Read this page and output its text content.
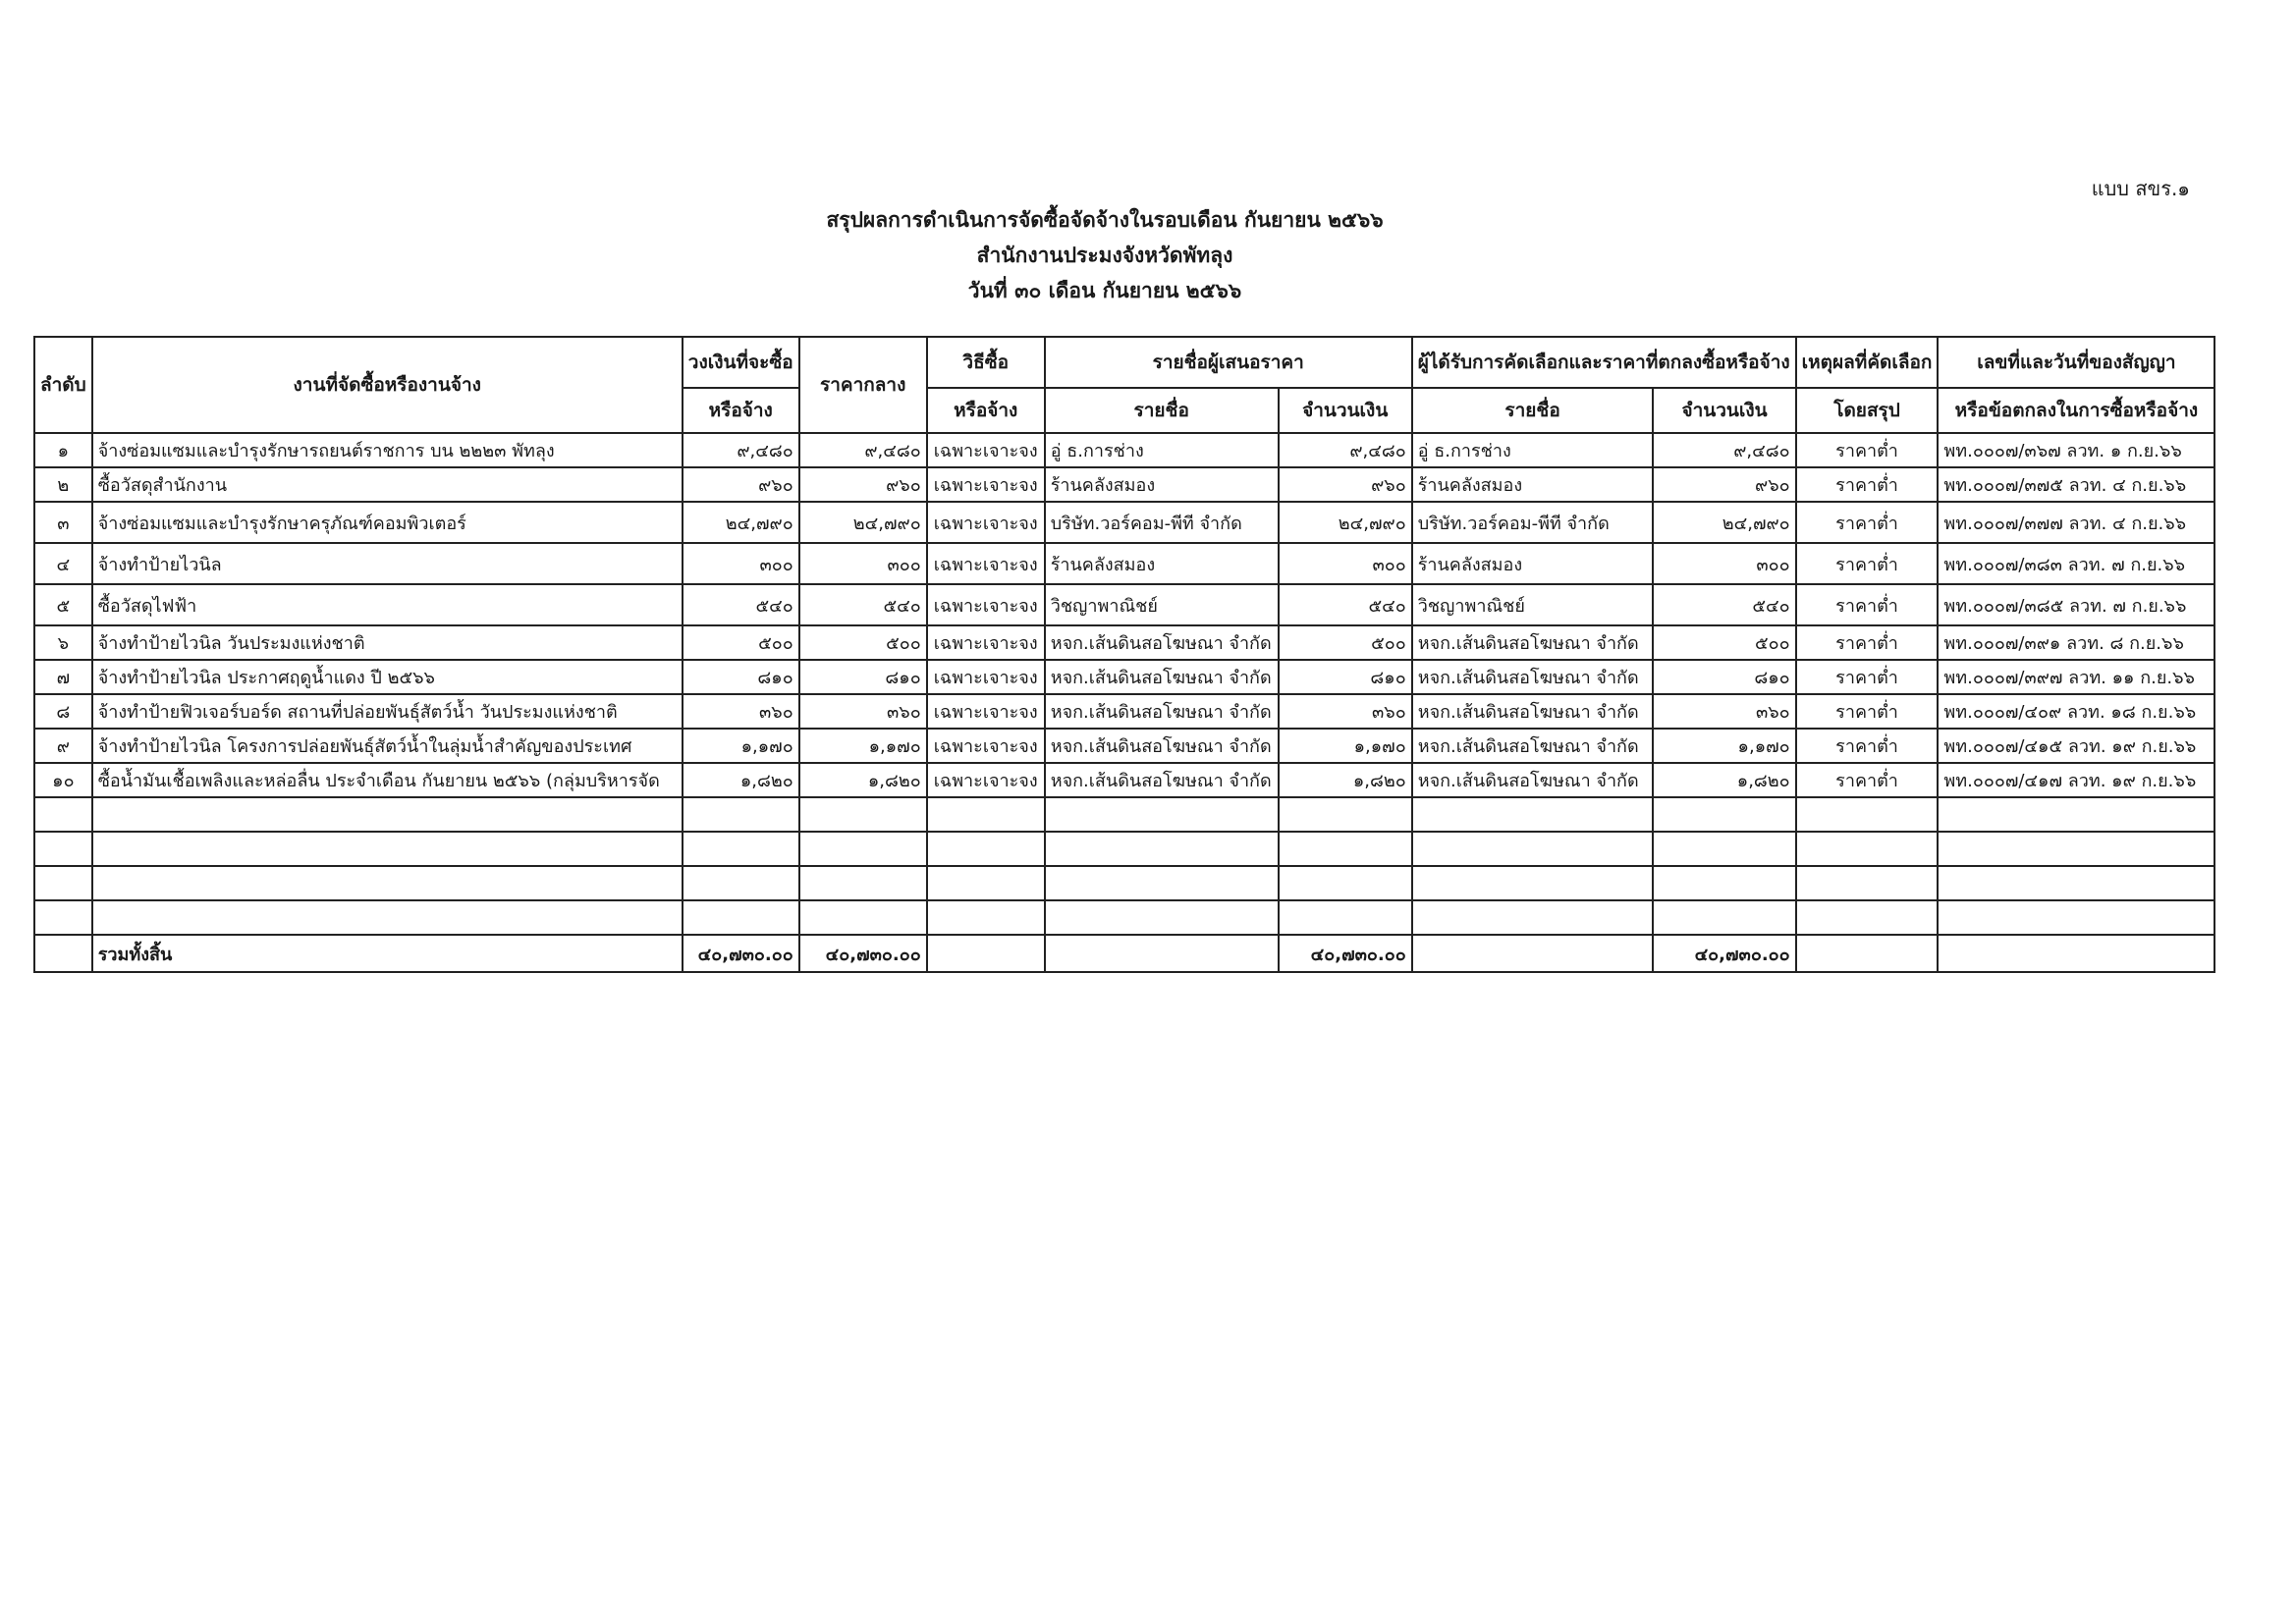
แบบ สขร.๑
สรุปผลการดำเนินการจัดซื้อจัดจ้างในรอบเดือน กันยายน ๒๕๖๖
สำนักงานประมงจังหวัดพัทลุง
วันที่ ๓๐ เดือน กันยายน ๒๕๖๖
ลำดับ	งานที่จัดซื้อหรืองานจ้าง	วงเงินที่จะซื้อ	ราคากลาง	วิธีซื้อ	รายชื่อผู้เสนอราคา		ผู้ได้รับการคัดเลือกและราคาที่ตกลงซื้อหรือจ้าง		เหตุผลที่คัดเลือก	เลขที่และวันที่ของสัญญา
		หรือจ้าง		หรือจ้าง	รายชื่อ	จำนวนเงิน	รายชื่อ	จำนวนเงิน	โดยสรุป	หรือข้อตกลงในการซื้อหรือจ้าง
๑	จ้างซ่อมแซมและบำรุงรักษารถยนต์ราชการ บน ๒๒๒๓ พัทลุง	๙,๔๘๐	๙,๔๘๐	เฉพาะเจาะจง	อู่ ธ.การช่าง	๙,๔๘๐	อู่ ธ.การช่าง	๙,๔๘๐	ราคาต่ำ	พท.๐๐๐๗/๓๖๗ ลวท. ๑ ก.ย.๖๖
๒	ซื้อวัสดุสำนักงาน	๙๖๐	๙๖๐	เฉพาะเจาะจง	ร้านคลังสมอง	๙๖๐	ร้านคลังสมอง	๙๖๐	ราคาต่ำ	พท.๐๐๐๗/๓๗๕ ลวท. ๔ ก.ย.๖๖
๓	จ้างซ่อมแซมและบำรุงรักษาครุภัณฑ์คอมพิวเตอร์	๒๔,๗๙๐	๒๔,๗๙๐	เฉพาะเจาะจง	บริษัท.วอร์คอม-พีที จำกัด	๒๔,๗๙๐	บริษัท.วอร์คอม-พีที จำกัด	๒๔,๗๙๐	ราคาต่ำ	พท.๐๐๐๗/๓๗๗ ลวท. ๔ ก.ย.๖๖
๔	จ้างทำป้ายไวนิล	๓๐๐	๓๐๐	เฉพาะเจาะจง	ร้านคลังสมอง	๓๐๐	ร้านคลังสมอง	๓๐๐	ราคาต่ำ	พท.๐๐๐๗/๓๘๓ ลวท. ๗ ก.ย.๖๖
๕	ซื้อวัสดุไฟฟ้า	๕๔๐	๕๔๐	เฉพาะเจาะจง	วิชญาพาณิชย์	๕๔๐	วิชญาพาณิชย์	๕๔๐	ราคาต่ำ	พท.๐๐๐๗/๓๘๕ ลวท. ๗ ก.ย.๖๖
๖	จ้างทำป้ายไวนิล วันประมงแห่งชาติ	๕๐๐	๕๐๐	เฉพาะเจาะจง	หจก.เส้นดินสอโฆษณา จำกัด	๕๐๐	หจก.เส้นดินสอโฆษณา จำกัด	๕๐๐	ราคาต่ำ	พท.๐๐๐๗/๓๙๑ ลวท. ๘ ก.ย.๖๖
๗	จ้างทำป้ายไวนิล ประกาศฤดูน้ำแดง ปี ๒๕๖๖	๘๑๐	๘๑๐	เฉพาะเจาะจง	หจก.เส้นดินสอโฆษณา จำกัด	๘๑๐	หจก.เส้นดินสอโฆษณา จำกัด	๘๑๐	ราคาต่ำ	พท.๐๐๐๗/๓๙๗ ลวท. ๑๑ ก.ย.๖๖
๘	จ้างทำป้ายฟิวเจอร์บอร์ด สถานที่ปล่อยพันธุ์สัตว์น้ำ วันประมงแห่งชาติ	๓๖๐	๓๖๐	เฉพาะเจาะจง	หจก.เส้นดินสอโฆษณา จำกัด	๓๖๐	หจก.เส้นดินสอโฆษณา จำกัด	๓๖๐	ราคาต่ำ	พท.๐๐๐๗/๔๐๙ ลวท. ๑๘ ก.ย.๖๖
๙	จ้างทำป้ายไวนิล โครงการปล่อยพันธุ์สัตว์น้ำในลุ่มน้ำสำคัญของประเทศ	๑,๑๗๐	๑,๑๗๐	เฉพาะเจาะจง	หจก.เส้นดินสอโฆษณา จำกัด	๑,๑๗๐	หจก.เส้นดินสอโฆษณา จำกัด	๑,๑๗๐	ราคาต่ำ	พท.๐๐๐๗/๔๑๕ ลวท. ๑๙ ก.ย.๖๖
๑๐	ซื้อน้ำมันเชื้อเพลิงและหล่อลื่น ประจำเดือน กันยายน ๒๕๖๖ (กลุ่มบริหารจัด	๑,๘๒๐	๑,๘๒๐	เฉพาะเจาะจง	หจก.เส้นดินสอโฆษณา จำกัด	๑,๘๒๐	หจก.เส้นดินสอโฆษณา จำกัด	๑,๘๒๐	ราคาต่ำ	พท.๐๐๐๗/๔๑๗ ลวท. ๑๙ ก.ย.๖๖

	รวมทั้งสิ้น	๔๐,๗๓๐.๐๐	๔๐,๗๓๐.๐๐			๔๐,๗๓๐.๐๐		๔๐,๗๓๐.๐๐		
